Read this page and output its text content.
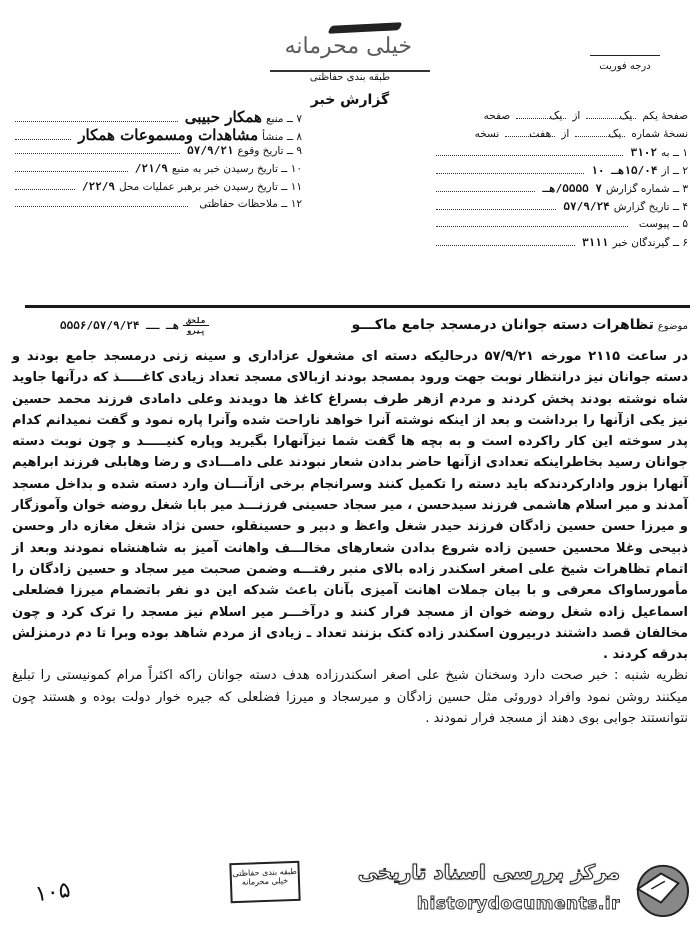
خیلی محرمانه
طبقه بندی حفاظتی
گزارش خبر
درجه فوریت
صفحهٔ یکم
یک
از
یک
صفحه
نسخهٔ شماره
یک
از
هفت
نسخه
۱ ــ به
۳۱۰۲
۲ ــ از
۱۵/۰۴هـ ۱۰
۳ ــ شماره گزارش
۷ ۵۵۵۵/هـ
۴ ــ تاریخ گزارش
۵۷/۹/۲۴
۵ ــ پیوست
۶ ــ گیرندگان خبر
۳۱۱۱
۷ ــ منبع
همکار حبیبی
۸ ــ منشأ
مشاهدات ومسموعات همکار
۹ ــ تاریخ وقوع
۵۷/۹/۲۱
۱۰ ــ تاریخ رسیدن خبر به منبع
۲۱/۹/
۱۱ ــ تاریخ رسیدن خبر برهبر عملیات محل
۲۲/۹/
۱۲ ــ ملاحظات حفاظتی
موضوع
تظاهرات دسته جوانان درمسجد جامع ماکـــو
۵۵۵۶/هـ ــ ۵۷/۹/۲۴ $\frac{\text{ملحق}}{\text{پیرو}}$

در ساعت ۲۱۱۵ مورخه ۵۷/۹/۲۱ درحالیکه دسته ای مشغول عزاداری و سینه زنی درمسجد جامع بودند و دسته جوانان نیز درانتظار نوبت جهت ورود بمسجد بودند ازبالای مسجد تعداد زیادی کاغـــــذ که درآنها جاوید شاه نوشته بودند پخش کردند و مردم ازهر طرف بسراغ کاغذ ها دویدند وعلی دامادی فرزند محمد حسین نیز یکی ازآنها را برداشت و بعد از اینکه نوشته آنرا خواهد ناراحت شده وآنرا پاره نمود و گفت نمیدانم کدام پدر سوخته این کار راکرده است و به بچه ها گفت شما نیزآنهارا بگیرید وپاره کنیـــــد و چون نوبت دسته جوانان رسید بخاطراینکه تعدادی ازآنها حاضر بدادن شعار نبودند علی دامـــادی و رضا وهابلی فرزند ابراهیم آنهارا بزور وادارکردندکه باید دسته را تکمیل کنند وسرانجام برخی ازآنـــان وارد دسته شده و بداخل مسجد آمدند و میر اسلام هاشمی فرزند سیدحسن ، میر سجاد حسینی فرزنـــد میر بابا شغل روضه خوان وآموزگار و میرزا حسن حسین زادگان فرزند حیدر شغل واعظ و دبیر و حسینقلو، حسن نژاد شغل مغازه دار وحسن ذبیحی وغلا محسین حسین زاده شروع بدادن شعارهای مخالـــف واهانت آمیز به شاهنشاه نمودند وبعد از اتمام تظاهرات شیخ علی اصغر اسکندر زاده بالای منبر رفتـــه وضمن صحبت میر سجاد و حسین زادگان را مأمورساواک معرفی و با بیان جملات اهانت آمیزی بآنان باعث شدکه این دو نفر باتضمام میرزا فضلعلی اسماعیل زاده شغل روضه خوان از مسجد فرار کنند و درآخـــر میر اسلام نیز مسجد را ترک کرد و چون مخالفان قصد داشتند دربیرون اسکندر زاده کتک بزنند تعداد ـ زیادی از مردم شاهد بوده وبرا تا دم درمنزلش بدرقه کردند .

نظریه شنبه : خبر صحت دارد وسخنان شیخ علی اصغر اسکندرزاده هدف دسته جوانان راکه اکثراً مرام کمونیستی را تبلیغ میکنند روشن نمود وافراد دوروئی مثل حسین زادگان و میرسجاد و میرزا فضلعلی که جیره خوار دولت بوده و هستند چون نتوانستند جوابی بوی دهند از مسجد فرار نمودند .

۱۰۵
طبقه بندی حفاظتی
خیلی محرمانه	مرکز بررسی اسناد تاریخی
historydocuments.ir
